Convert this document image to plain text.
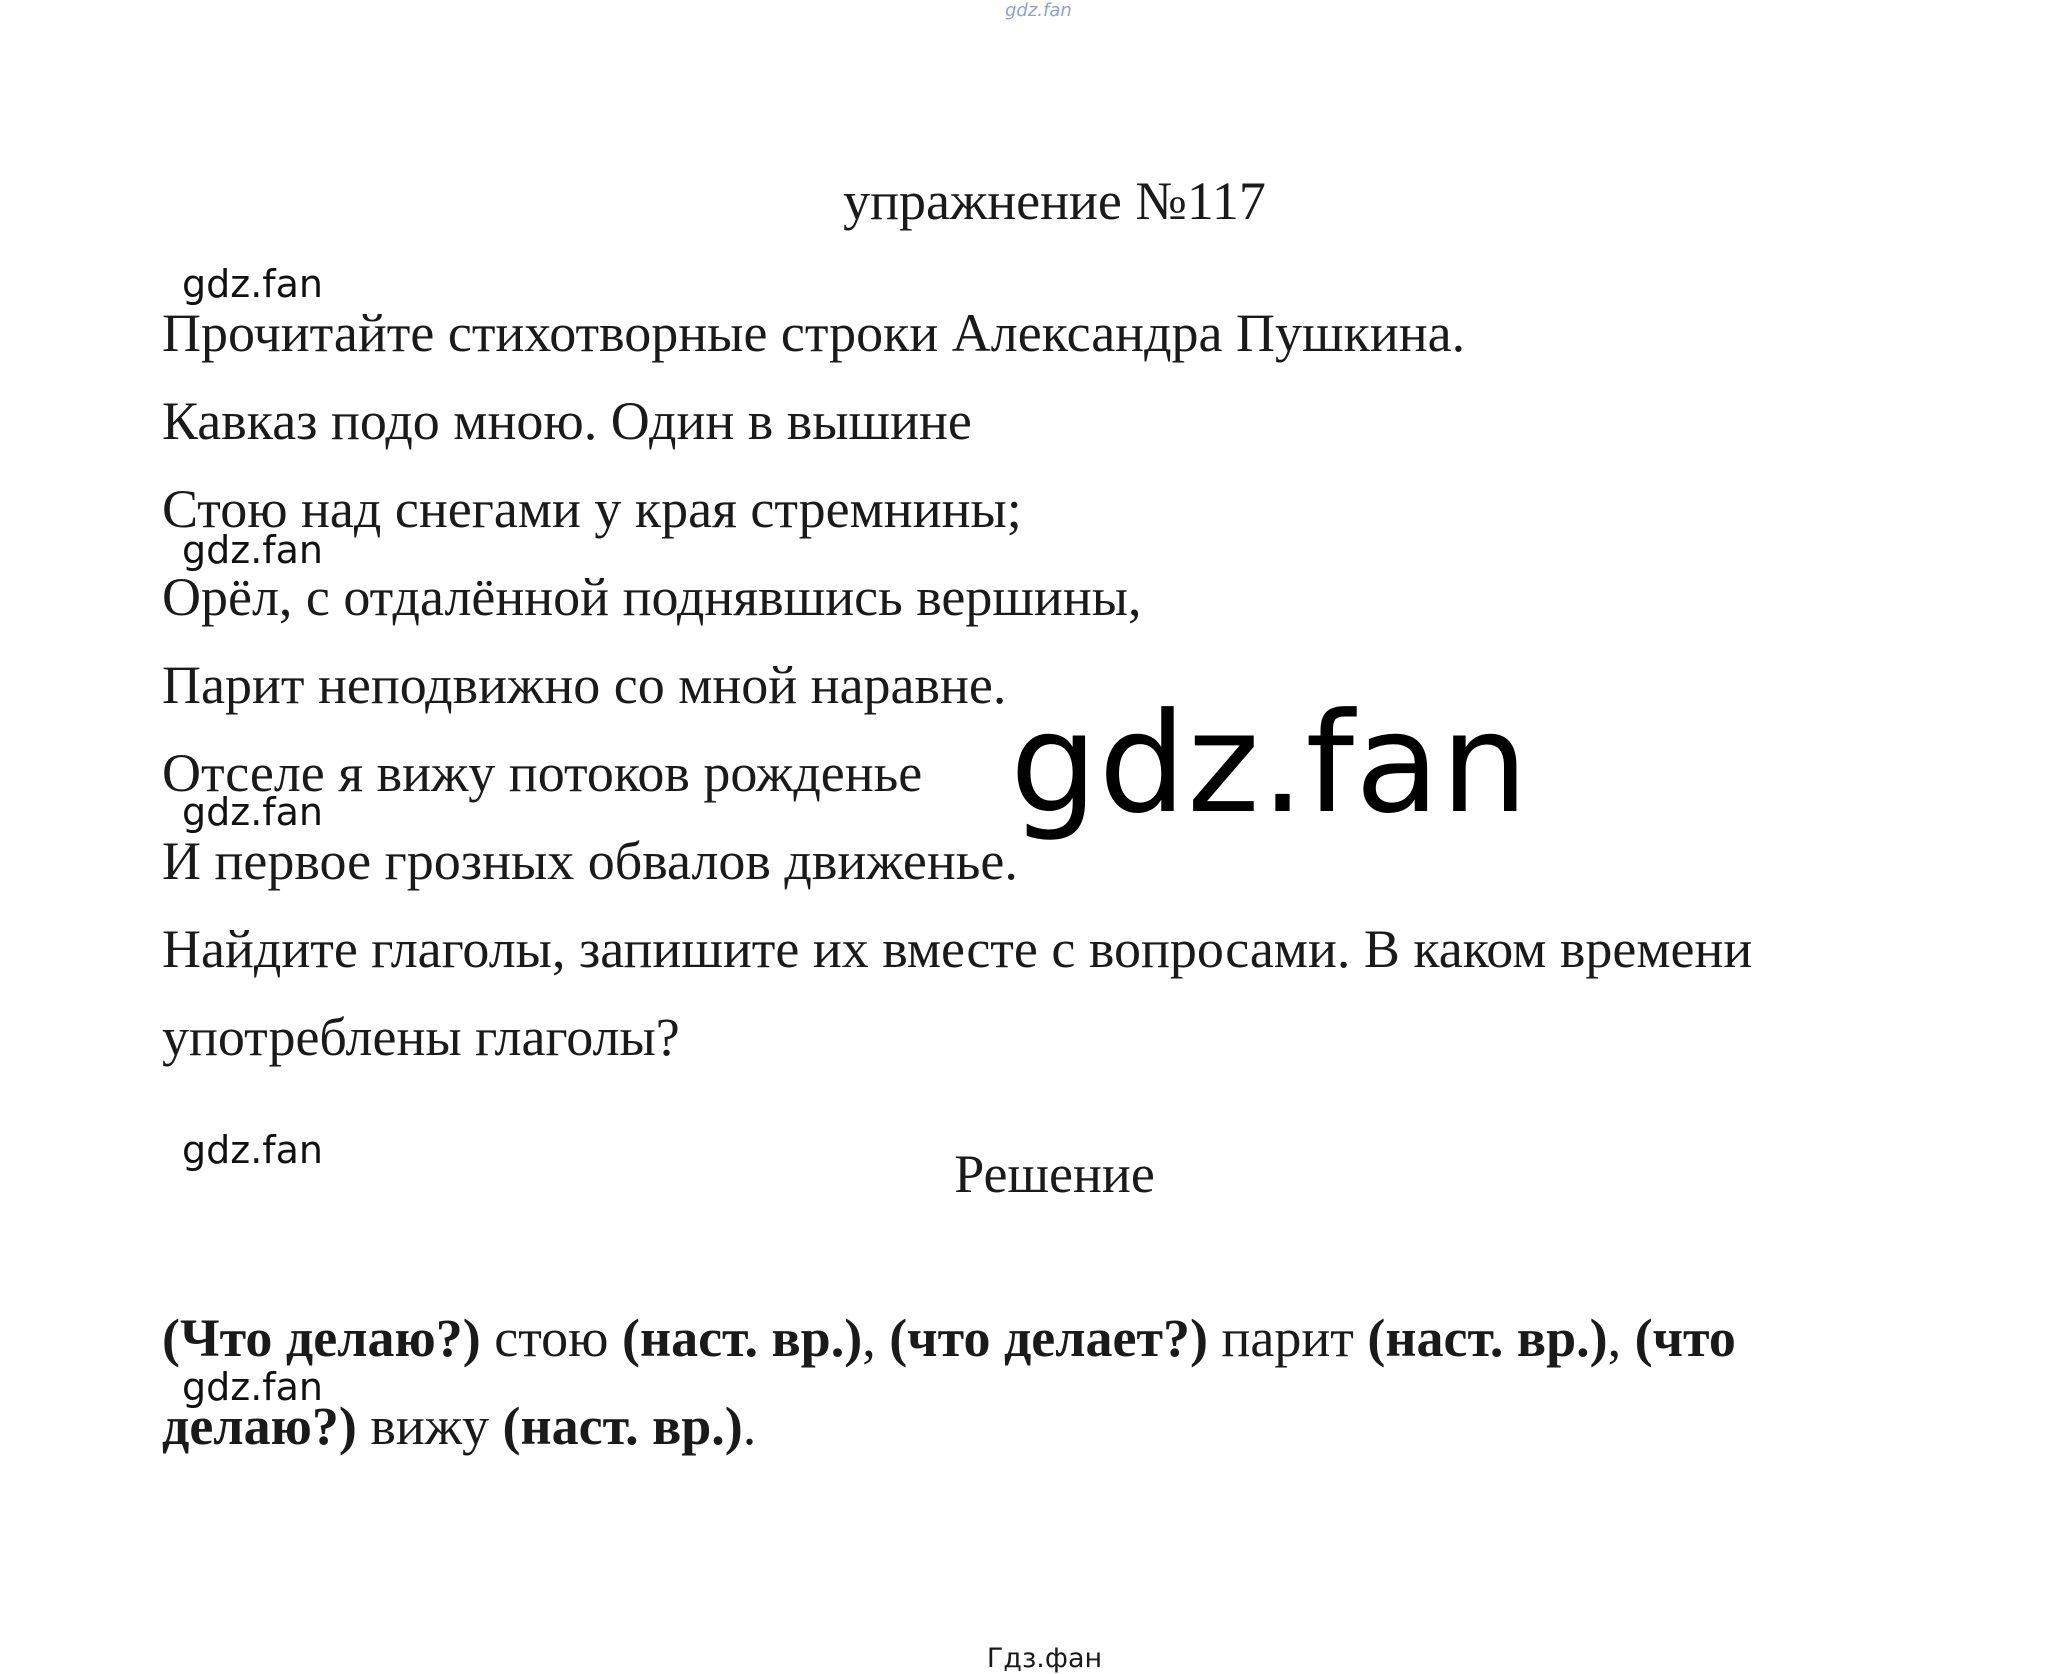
gdz.fan
упражнение №117
gdz.fan
Прочитайте стихотворные строки Александра Пушкина.
Кавказ подо мною. Один в вышине
Стою над снегами у края стремнины;
gdz.fan
Орёл, с отдалённой поднявшись вершины,
Парит неподвижно со мной наравне.
Отселе я вижу потоков рожденье
gdz.fan
И первое грозных обвалов движенье.
gdz.fan
Найдите глаголы, запишите их вместе с вопросами. В каком времени
употреблены глаголы?
gdz.fan	Решение
(Что делаю?) стою (наст. вр.), (что делает?) парит (наст. вр.), (что
gdz.fan
делаю?) вижу (наст. вр.).
Гдз.фан
